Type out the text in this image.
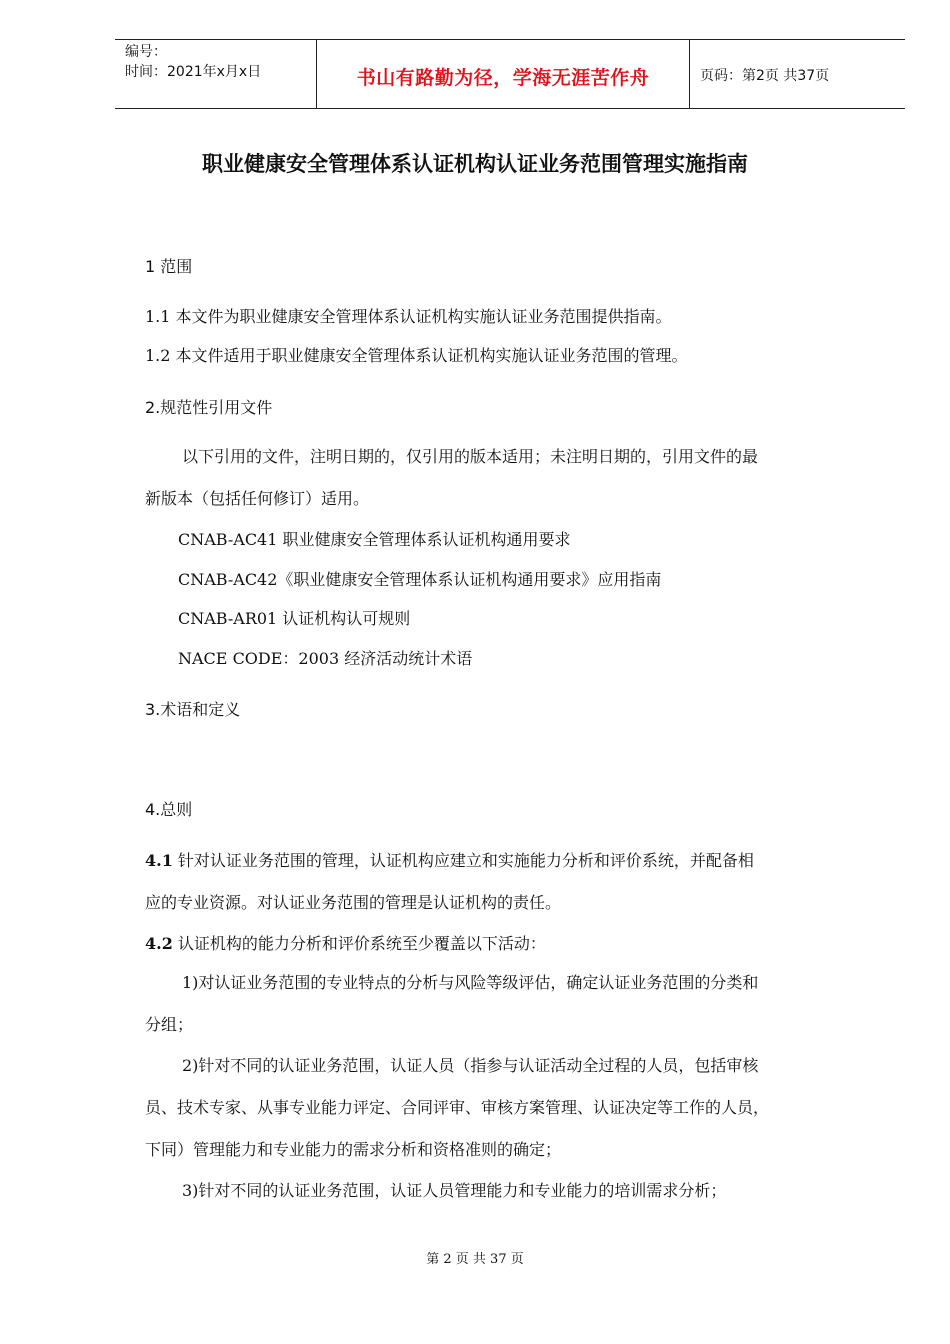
编号：
时间：2021年x月x日	书山有路勤为径，学海无涯苦作舟	页码：第2页 共37页
职业健康安全管理体系认证机构认证业务范围管理实施指南
1 范围
1.1 本文件为职业健康安全管理体系认证机构实施认证业务范围提供指南。
1.2 本文件适用于职业健康安全管理体系认证机构实施认证业务范围的管理。
2.规范性引用文件
以下引用的文件，注明日期的，仅引用的版本适用；未注明日期的，引用文件的最
新版本（包括任何修订）适用。
CNAB-AC41 职业健康安全管理体系认证机构通用要求
CNAB-AC42《职业健康安全管理体系认证机构通用要求》应用指南
CNAB-AR01 认证机构认可规则
NACE CODE：2003 经济活动统计术语
3.术语和定义
4.总则
4.1 针对认证业务范围的管理，认证机构应建立和实施能力分析和评价系统，并配备相
应的专业资源。对认证业务范围的管理是认证机构的责任。
4.2 认证机构的能力分析和评价系统至少覆盖以下活动：
1)对认证业务范围的专业特点的分析与风险等级评估，确定认证业务范围的分类和
分组；
2)针对不同的认证业务范围，认证人员（指参与认证活动全过程的人员，包括审核
员、技术专家、从事专业能力评定、合同评审、审核方案管理、认证决定等工作的人员，
下同）管理能力和专业能力的需求分析和资格准则的确定；
3)针对不同的认证业务范围，认证人员管理能力和专业能力的培训需求分析；
第 2 页 共 37 页
